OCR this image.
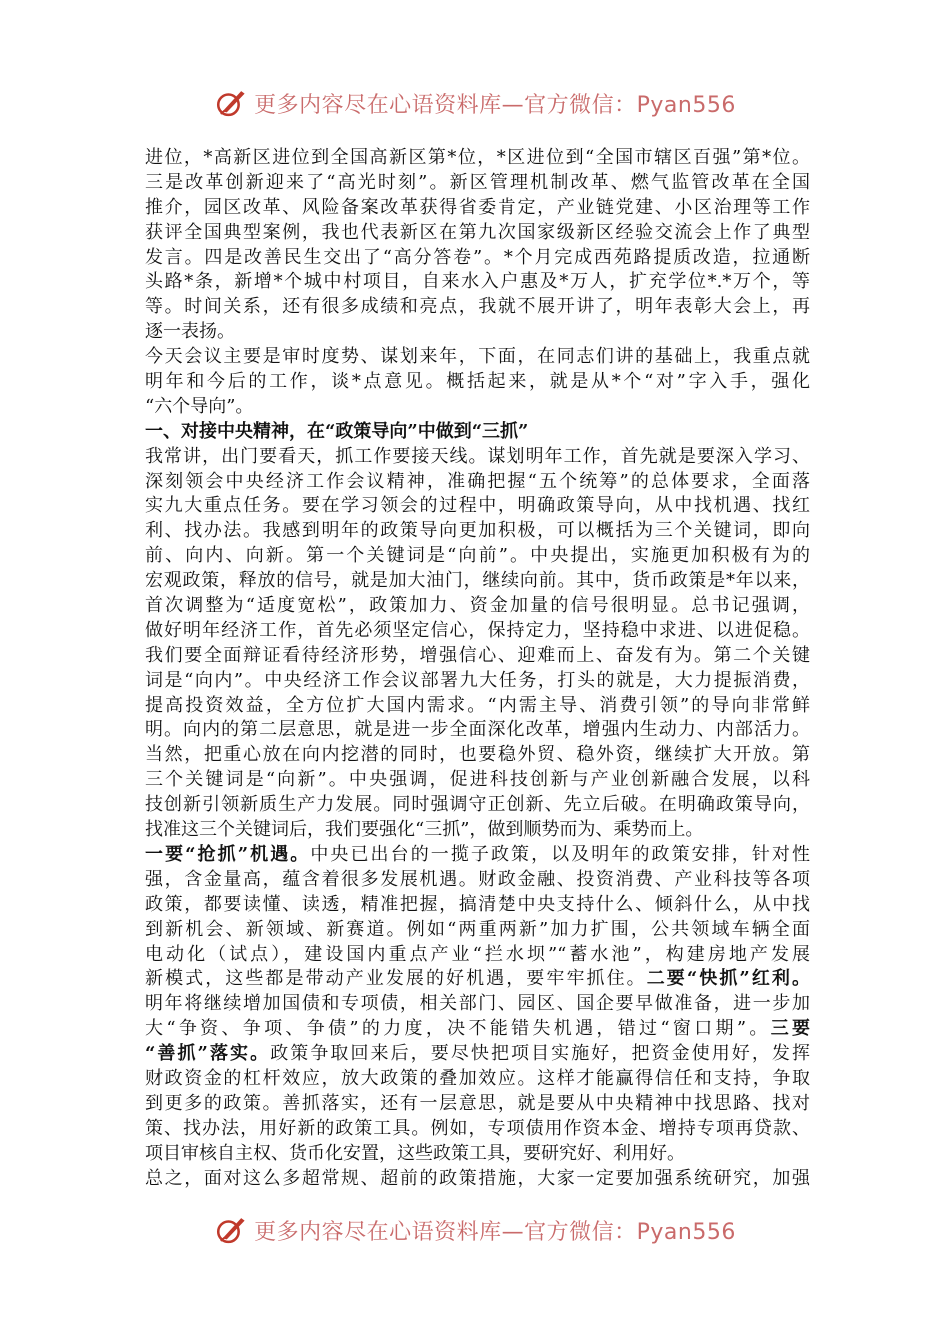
更多内容尽在心语资料库—官方微信：Pyan556
进位，*高新区进位到全国高新区第*位，*区进位到“全国市辖区百强”第*位。
三是改革创新迎来了“高光时刻”。新区管理机制改革、燃气监管改革在全国
推介，园区改革、风险备案改革获得省委肯定，产业链党建、小区治理等工作
获评全国典型案例，我也代表新区在第九次国家级新区经验交流会上作了典型
发言。四是改善民生交出了“高分答卷”。*个月完成西苑路提质改造，拉通断
头路*条，新增*个城中村项目，自来水入户惠及*万人，扩充学位*.*万个，等
等。时间关系，还有很多成绩和亮点，我就不展开讲了，明年表彰大会上，再
逐一表扬。
今天会议主要是审时度势、谋划来年，下面，在同志们讲的基础上，我重点就
明年和今后的工作，谈*点意见。概括起来，就是从*个“对”字入手，强化
“六个导向”。
一、对接中央精神，在“政策导向”中做到“三抓”
我常讲，出门要看天，抓工作要接天线。谋划明年工作，首先就是要深入学习、
深刻领会中央经济工作会议精神，准确把握“五个统筹”的总体要求，全面落
实九大重点任务。要在学习领会的过程中，明确政策导向，从中找机遇、找红
利、找办法。我感到明年的政策导向更加积极，可以概括为三个关键词，即向
前、向内、向新。第一个关键词是“向前”。中央提出，实施更加积极有为的
宏观政策，释放的信号，就是加大油门，继续向前。其中，货币政策是*年以来，
首次调整为“适度宽松”，政策加力、资金加量的信号很明显。总书记强调，
做好明年经济工作，首先必须坚定信心，保持定力，坚持稳中求进、以进促稳。
我们要全面辩证看待经济形势，增强信心、迎难而上、奋发有为。第二个关键
词是“向内”。中央经济工作会议部署九大任务，打头的就是，大力提振消费，
提高投资效益，全方位扩大国内需求。“内需主导、消费引领”的导向非常鲜
明。向内的第二层意思，就是进一步全面深化改革，增强内生动力、内部活力。
当然，把重心放在向内挖潜的同时，也要稳外贸、稳外资，继续扩大开放。第
三个关键词是“向新”。中央强调，促进科技创新与产业创新融合发展，以科
技创新引领新质生产力发展。同时强调守正创新、先立后破。在明确政策导向，
找准这三个关键词后，我们要强化“三抓”，做到顺势而为、乘势而上。
一要“抢抓”机遇。中央已出台的一揽子政策，以及明年的政策安排，针对性
强，含金量高，蕴含着很多发展机遇。财政金融、投资消费、产业科技等各项
政策，都要读懂、读透，精准把握，搞清楚中央支持什么、倾斜什么，从中找
到新机会、新领域、新赛道。例如“两重两新”加力扩围，公共领域车辆全面
电动化（试点），建设国内重点产业“拦水坝”“蓄水池”，构建房地产发展
新模式，这些都是带动产业发展的好机遇，要牢牢抓住。二要“快抓”红利。
明年将继续增加国债和专项债，相关部门、园区、国企要早做准备，进一步加
大“争资、争项、争债”的力度，决不能错失机遇，错过“窗口期”。三要
“善抓”落实。政策争取回来后，要尽快把项目实施好，把资金使用好，发挥
财政资金的杠杆效应，放大政策的叠加效应。这样才能赢得信任和支持，争取
到更多的政策。善抓落实，还有一层意思，就是要从中央精神中找思路、找对
策、找办法，用好新的政策工具。例如，专项债用作资本金、增持专项再贷款、
项目审核自主权、货币化安置，这些政策工具，要研究好、利用好。
总之，面对这么多超常规、超前的政策措施，大家一定要加强系统研究，加强
更多内容尽在心语资料库—官方微信：Pyan556
